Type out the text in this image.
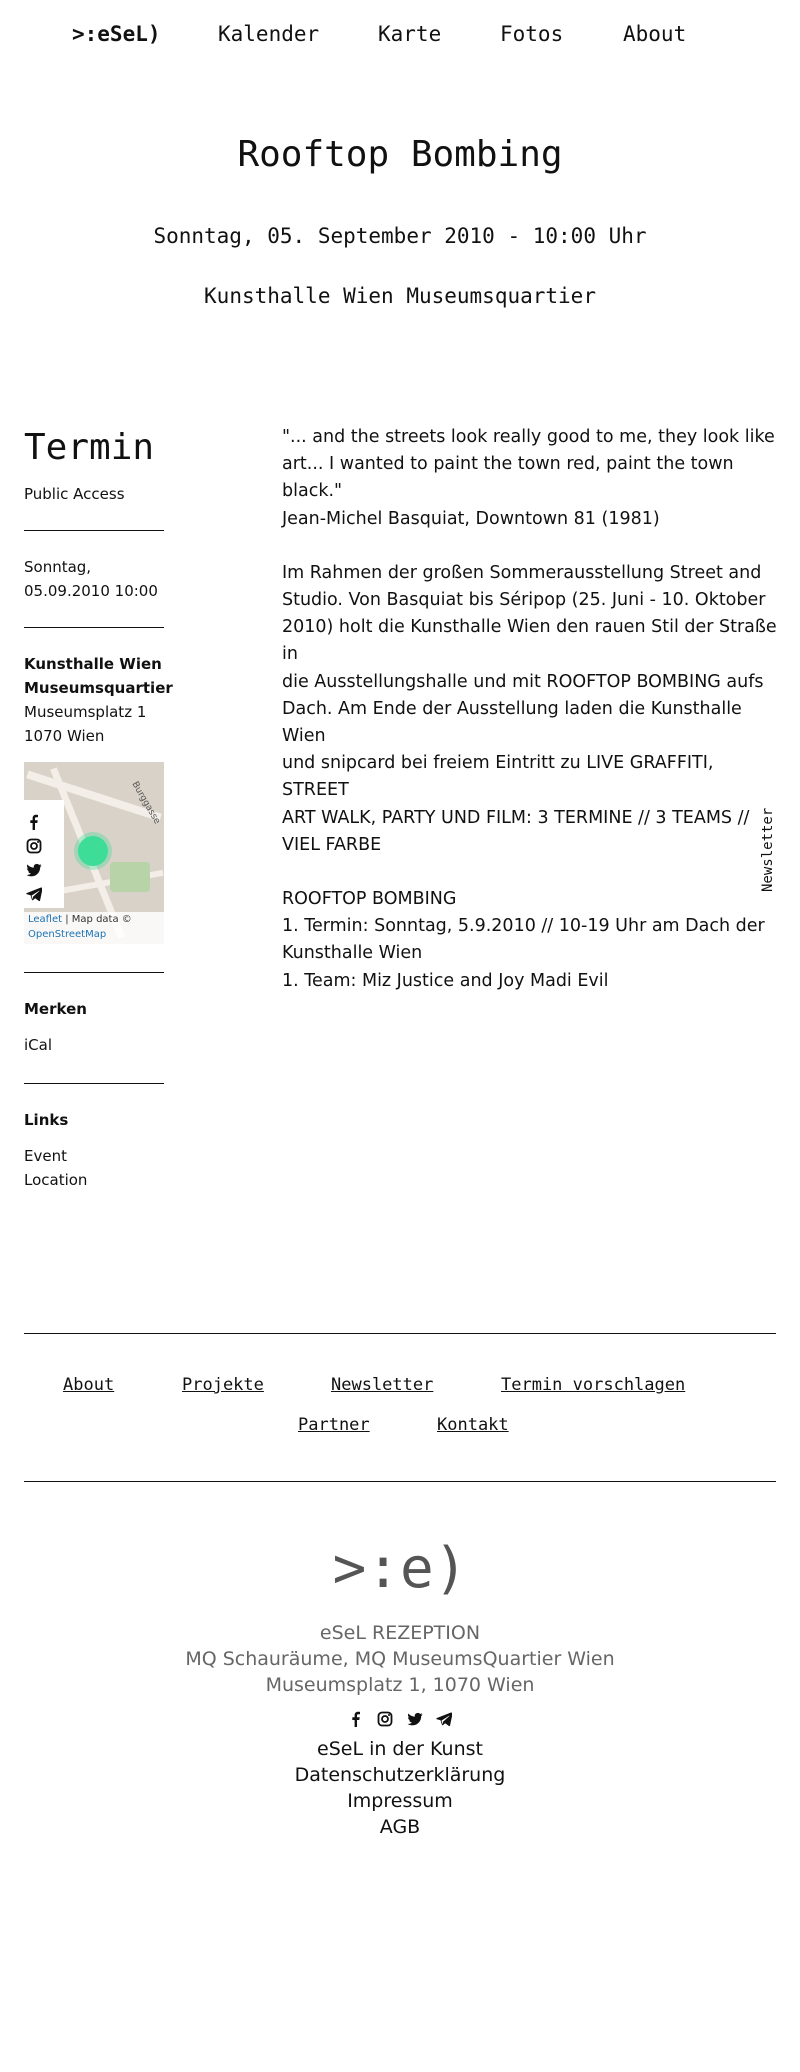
>:eSeL)	Kalender	Karte	Fotos	About
Rooftop Bombing
Sonntag, 05. September 2010 - 10:00 Uhr
Kunsthalle Wien Museumsquartier
Termin
Public Access
Sonntag,
05.09.2010 10:00
Kunsthalle Wien
Museumsquartier
Museumsplatz 1
1070 Wien
Burggasse
Leaflet | Map data ©
OpenStreetMap
Merken
iCal
Links
Event
Location

"... and the streets look really good to me, they look like
art... I wanted to paint the town red, paint the town black."
Jean-Michel Basquiat, Downtown 81 (1981)

Im Rahmen der großen Sommerausstellung Street and
Studio. Von Basquiat bis Séripop (25. Juni - 10. Oktober
2010) holt die Kunsthalle Wien den rauen Stil der Straße in
die Ausstellungshalle und mit ROOFTOP BOMBING aufs
Dach. Am Ende der Ausstellung laden die Kunsthalle Wien
und snipcard bei freiem Eintritt zu LIVE GRAFFITI, STREET
ART WALK, PARTY UND FILM: 3 TERMINE // 3 TEAMS //
VIEL FARBE

ROOFTOP BOMBING
1. Termin: Sonntag, 5.9.2010 // 10-19 Uhr am Dach der
Kunsthalle Wien
1. Team: Miz Justice and Joy Madi Evil

Newsletter
About	Projekte	Newsletter	Termin vorschlagen
Partner	Kontakt
>:e)
eSeL REZEPTION
MQ Schauräume, MQ MuseumsQuartier Wien
Museumsplatz 1, 1070 Wien

eSeL in der Kunst
Datenschutzerklärung
Impressum
AGB
